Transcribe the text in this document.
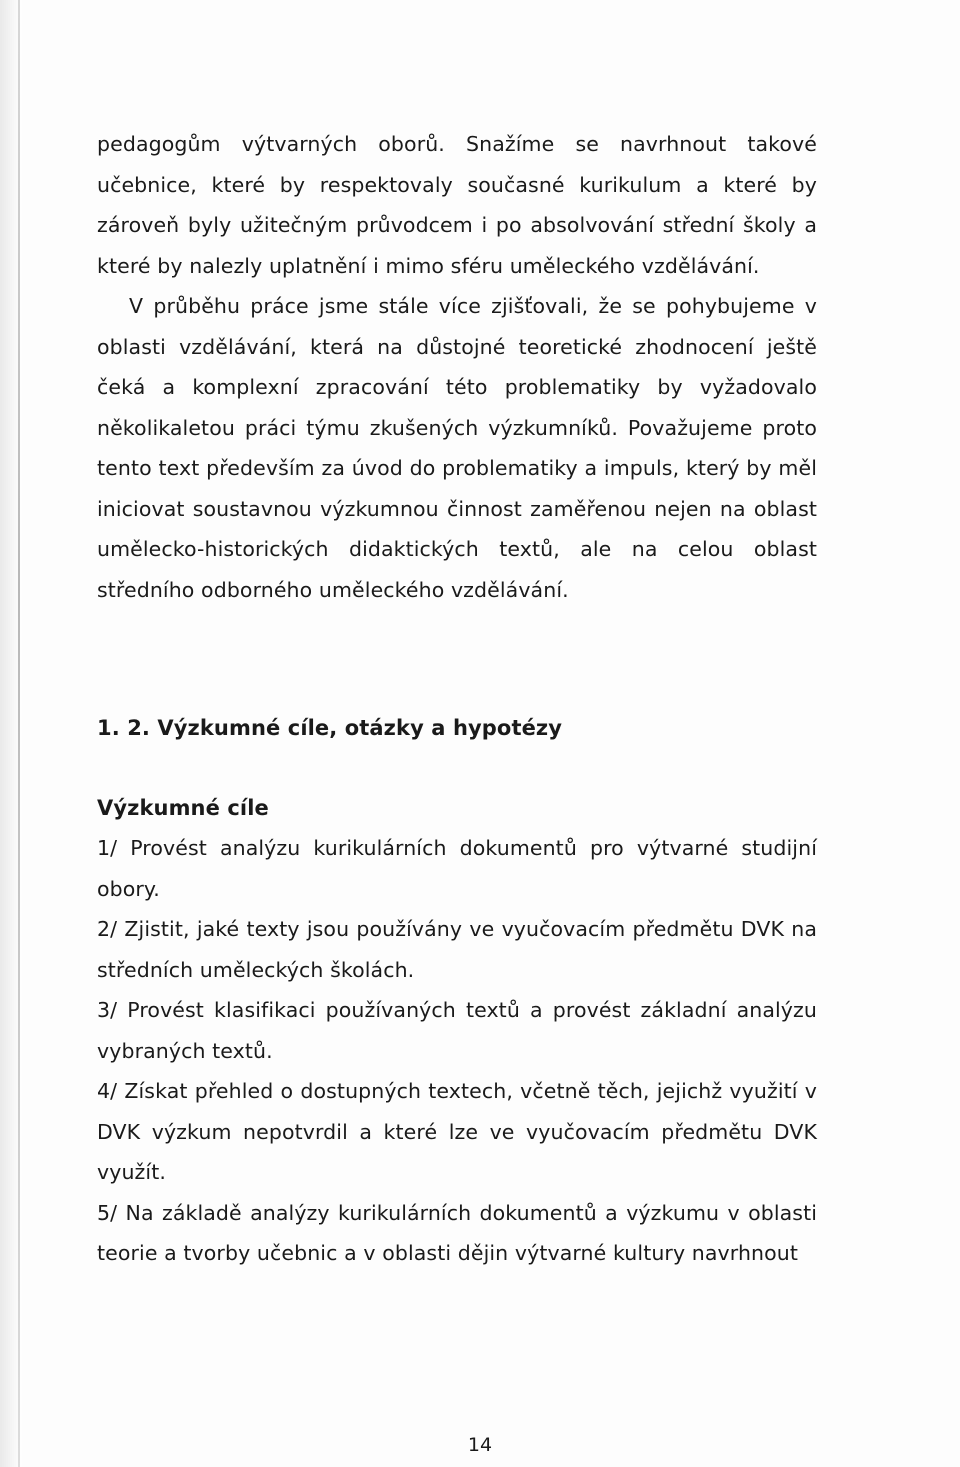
pedagogům výtvarných oborů. Snažíme se navrhnout takové učebnice, které by respektovaly současné kurikulum a které by zároveň byly užitečným průvodcem i po absolvování střední školy a které by nalezly uplatnění i mimo sféru uměleckého vzdělávání.

V průběhu práce jsme stále více zjišťovali, že se pohybujeme v oblasti vzdělávání, která na důstojné teoretické zhodnocení ještě čeká a komplexní zpracování této problematiky by vyžadovalo několikaletou práci týmu zkušených výzkumníků. Považujeme proto tento text především za úvod do problematiky a impuls, který by měl iniciovat soustavnou výzkumnou činnost zaměřenou nejen na oblast umělecko-historických didaktických textů, ale na celou oblast středního odborného uměleckého vzdělávání.

1. 2. Výzkumné cíle, otázky a hypotézy

Výzkumné cíle

1/ Provést analýzu kurikulárních dokumentů pro výtvarné studijní obory.

2/ Zjistit, jaké texty jsou používány ve vyučovacím předmětu DVK na středních uměleckých školách.

3/ Provést klasifikaci používaných textů a provést základní analýzu vybraných textů.

4/ Získat přehled o dostupných textech, včetně těch, jejichž využití v DVK výzkum nepotvrdil a které lze ve vyučovacím předmětu DVK využít.

5/ Na základě analýzy kurikulárních dokumentů a výzkumu v oblasti teorie a tvorby učebnic a v oblasti dějin výtvarné kultury navrhnout

14
